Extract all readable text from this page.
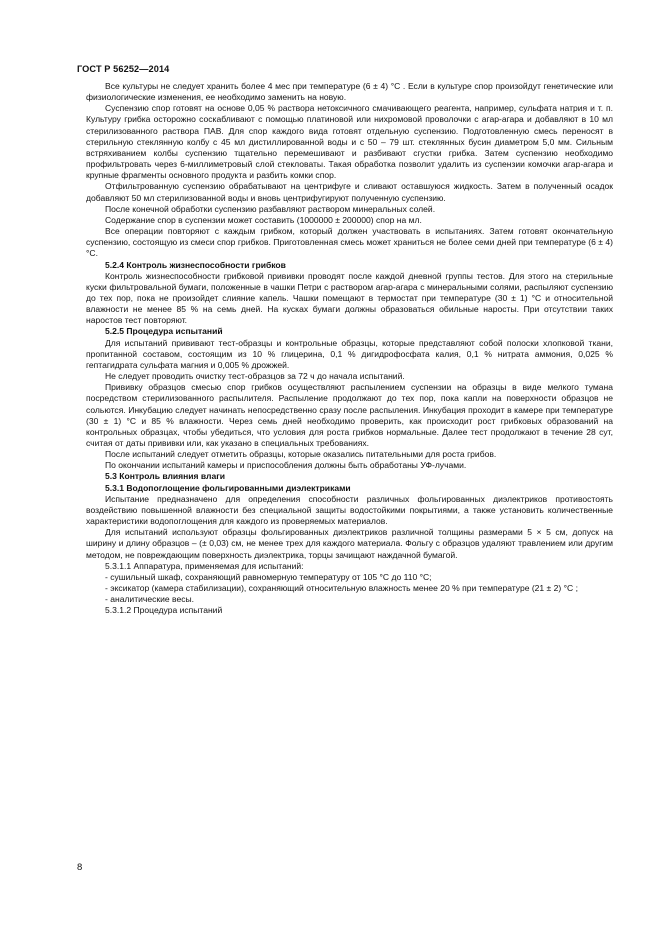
ГОСТ Р 56252—2014

Все культуры не следует хранить более 4 мес при температуре (6 ± 4) °С . Если в культуре спор произойдут генетические или физиологические изменения, ее необходимо заменить на новую.

Суспензию спор готовят на основе 0,05 % раствора нетоксичного смачивающего реагента, например, сульфата натрия и т. п. Культуру грибка осторожно соскабливают с помощью платиновой или нихромовой проволочки с агар-агара и добавляют в 10 мл стерилизованного раствора ПАВ. Для спор каждого вида готовят отдельную суспензию. Подготовленную смесь переносят в стерильную стеклянную колбу с 45 мл дистиллированной воды и с 50 – 79 шт. стеклянных бусин диаметром 5,0 мм. Сильным встряхиванием колбы суспензию тщательно перемешивают и разбивают сгустки грибка. Затем суспензию необходимо профильтровать через 6-миллиметровый слой стекловаты. Такая обработка позволит удалить из суспензии комочки агар-агара и крупные фрагменты основного продукта и разбить комки спор.

Отфильтрованную суспензию обрабатывают на центрифуге и сливают оставшуюся жидкость. Затем в полученный осадок добавляют 50 мл стерилизованной воды и вновь центрифугируют полученную суспензию.

После конечной обработки суспензию разбавляют раствором минеральных солей.

Содержание спор в суспензии может составить (1000000 ± 200000) спор на мл.

Все операции повторяют с каждым грибком, который должен участвовать в испытаниях. Затем готовят окончательную суспензию, состоящую из смеси спор грибков. Приготовленная смесь может храниться не более семи дней при температуре (6 ± 4) °С.

5.2.4 Контроль жизнеспособности грибков

Контроль жизнеспособности грибковой прививки проводят после каждой дневной группы тестов. Для этого на стерильные куски фильтровальной бумаги, положенные в чашки Петри с раствором агар-агара с минеральными солями, распыляют суспензию до тех пор, пока не произойдет слияние капель. Чашки помещают в термостат при температуре (30 ± 1) °С и относительной влажности не менее 85 % на семь дней. На кусках бумаги должны образоваться обильные наросты. При отсутствии таких наростов тест повторяют.

5.2.5 Процедура испытаний

Для испытаний прививают тест-образцы и контрольные образцы, которые представляют собой полоски хлопковой ткани, пропитанной составом, состоящим из 10 % глицерина, 0,1 % дигидрофосфата калия, 0,1 % нитрата аммония, 0,025 % гептагидрата сульфата магния и 0,005 % дрожжей.

Не следует проводить очистку тест-образцов за 72 ч до начала испытаний.

Прививку образцов смесью спор грибков осуществляют распылением суспензии на образцы в виде мелкого тумана посредством стерилизованного распылителя. Распыление продолжают до тех пор, пока капли на поверхности образцов не сольются. Инкубацию следует начинать непосредственно сразу после распыления. Инкубация проходит в камере при температуре (30 ± 1) °С и 85 % влажности. Через семь дней необходимо проверить, как происходит рост грибковых образований на контрольных образцах, чтобы убедиться, что условия для роста грибков нормальные. Далее тест продолжают в течение 28 сут, считая от даты прививки или, как указано в специальных требованиях.

После испытаний следует отметить образцы, которые оказались питательными для роста грибов.

По окончании испытаний камеры и приспособления должны быть обработаны УФ-лучами.

5.3 Контроль влияния влаги

5.3.1 Водопоглощение фольгированными диэлектриками

Испытание предназначено для определения способности различных фольгированных диэлектриков противостоять воздействию повышенной влажности без специальной защиты водостойкими покрытиями, а также установить количественные характеристики водопоглощения для каждого из проверяемых материалов.

Для испытаний используют образцы фольгированных диэлектриков различной толщины размерами 5 × 5 см, допуск на ширину и длину образцов – (± 0,03) см, не менее трех для каждого материала. Фольгу с образцов удаляют травлением или другим методом, не повреждающим поверхность диэлектрика, торцы зачищают наждачной бумагой.

5.3.1.1 Аппаратура, применяемая для испытаний:

- сушильный шкаф, сохраняющий равномерную температуру от 105 °С до 110 °С;

- эксикатор (камера стабилизации), сохраняющий относительную влажность менее 20 % при температуре (21 ± 2) °С ;

- аналитические весы.

5.3.1.2 Процедура испытаний

8
